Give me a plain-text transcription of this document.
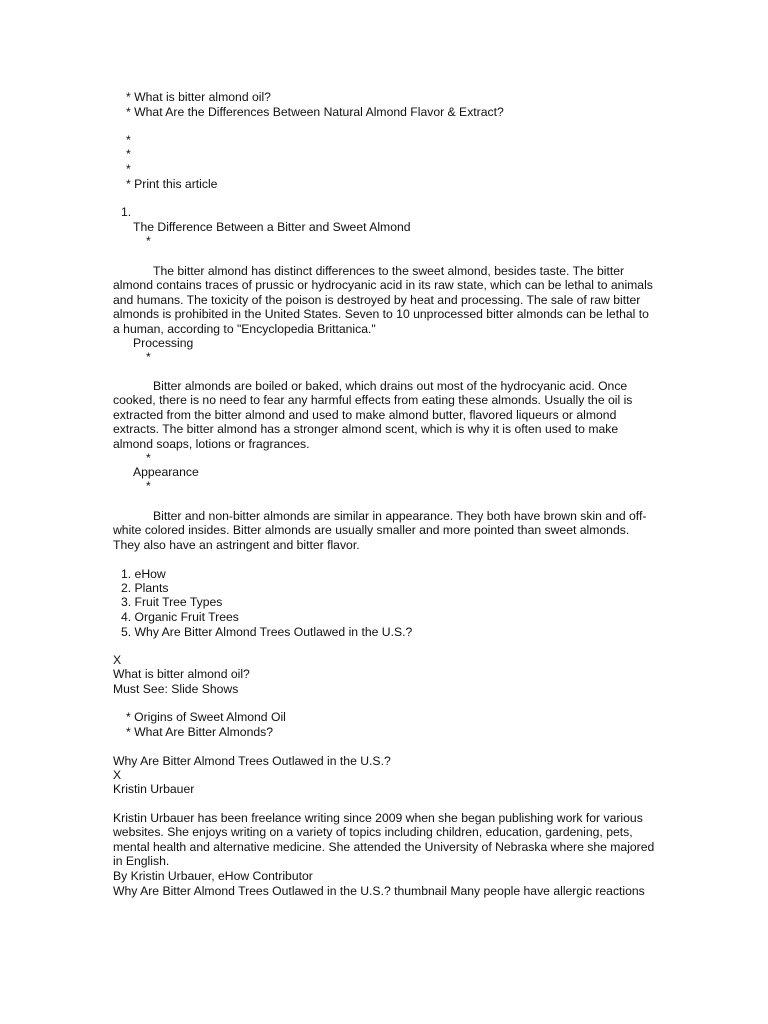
* What is bitter almond oil?
* What Are the Differences Between Natural Almond Flavor & Extract?
*
*
*
* Print this article
1.
The Difference Between a Bitter and Sweet Almond
*

The bitter almond has distinct differences to the sweet almond, besides taste. The bitter almond contains traces of prussic or hydrocyanic acid in its raw state, which can be lethal to animals and humans. The toxicity of the poison is destroyed by heat and processing. The sale of raw bitter almonds is prohibited in the United States. Seven to 10 unprocessed bitter almonds can be lethal to a human, according to "Encyclopedia Brittanica."

Processing
*

Bitter almonds are boiled or baked, which drains out most of the hydrocyanic acid. Once cooked, there is no need to fear any harmful effects from eating these almonds. Usually the oil is extracted from the bitter almond and used to make almond butter, flavored liqueurs or almond extracts. The bitter almond has a stronger almond scent, which is why it is often used to make almond soaps, lotions or fragrances.

*
Appearance
*

Bitter and non-bitter almonds are similar in appearance. They both have brown skin and off-white colored insides. Bitter almonds are usually smaller and more pointed than sweet almonds. They also have an astringent and bitter flavor.

1. eHow
2. Plants
3. Fruit Tree Types
4. Organic Fruit Trees
5. Why Are Bitter Almond Trees Outlawed in the U.S.?
X
What is bitter almond oil?
Must See: Slide Shows
* Origins of Sweet Almond Oil
* What Are Bitter Almonds?
Why Are Bitter Almond Trees Outlawed in the U.S.?
X
Kristin Urbauer

Kristin Urbauer has been freelance writing since 2009 when she began publishing work for various websites. She enjoys writing on a variety of topics including children, education, gardening, pets, mental health and alternative medicine. She attended the University of Nebraska where she majored in English.

By Kristin Urbauer, eHow Contributor
Why Are Bitter Almond Trees Outlawed in the U.S.? thumbnail Many people have allergic reactions
